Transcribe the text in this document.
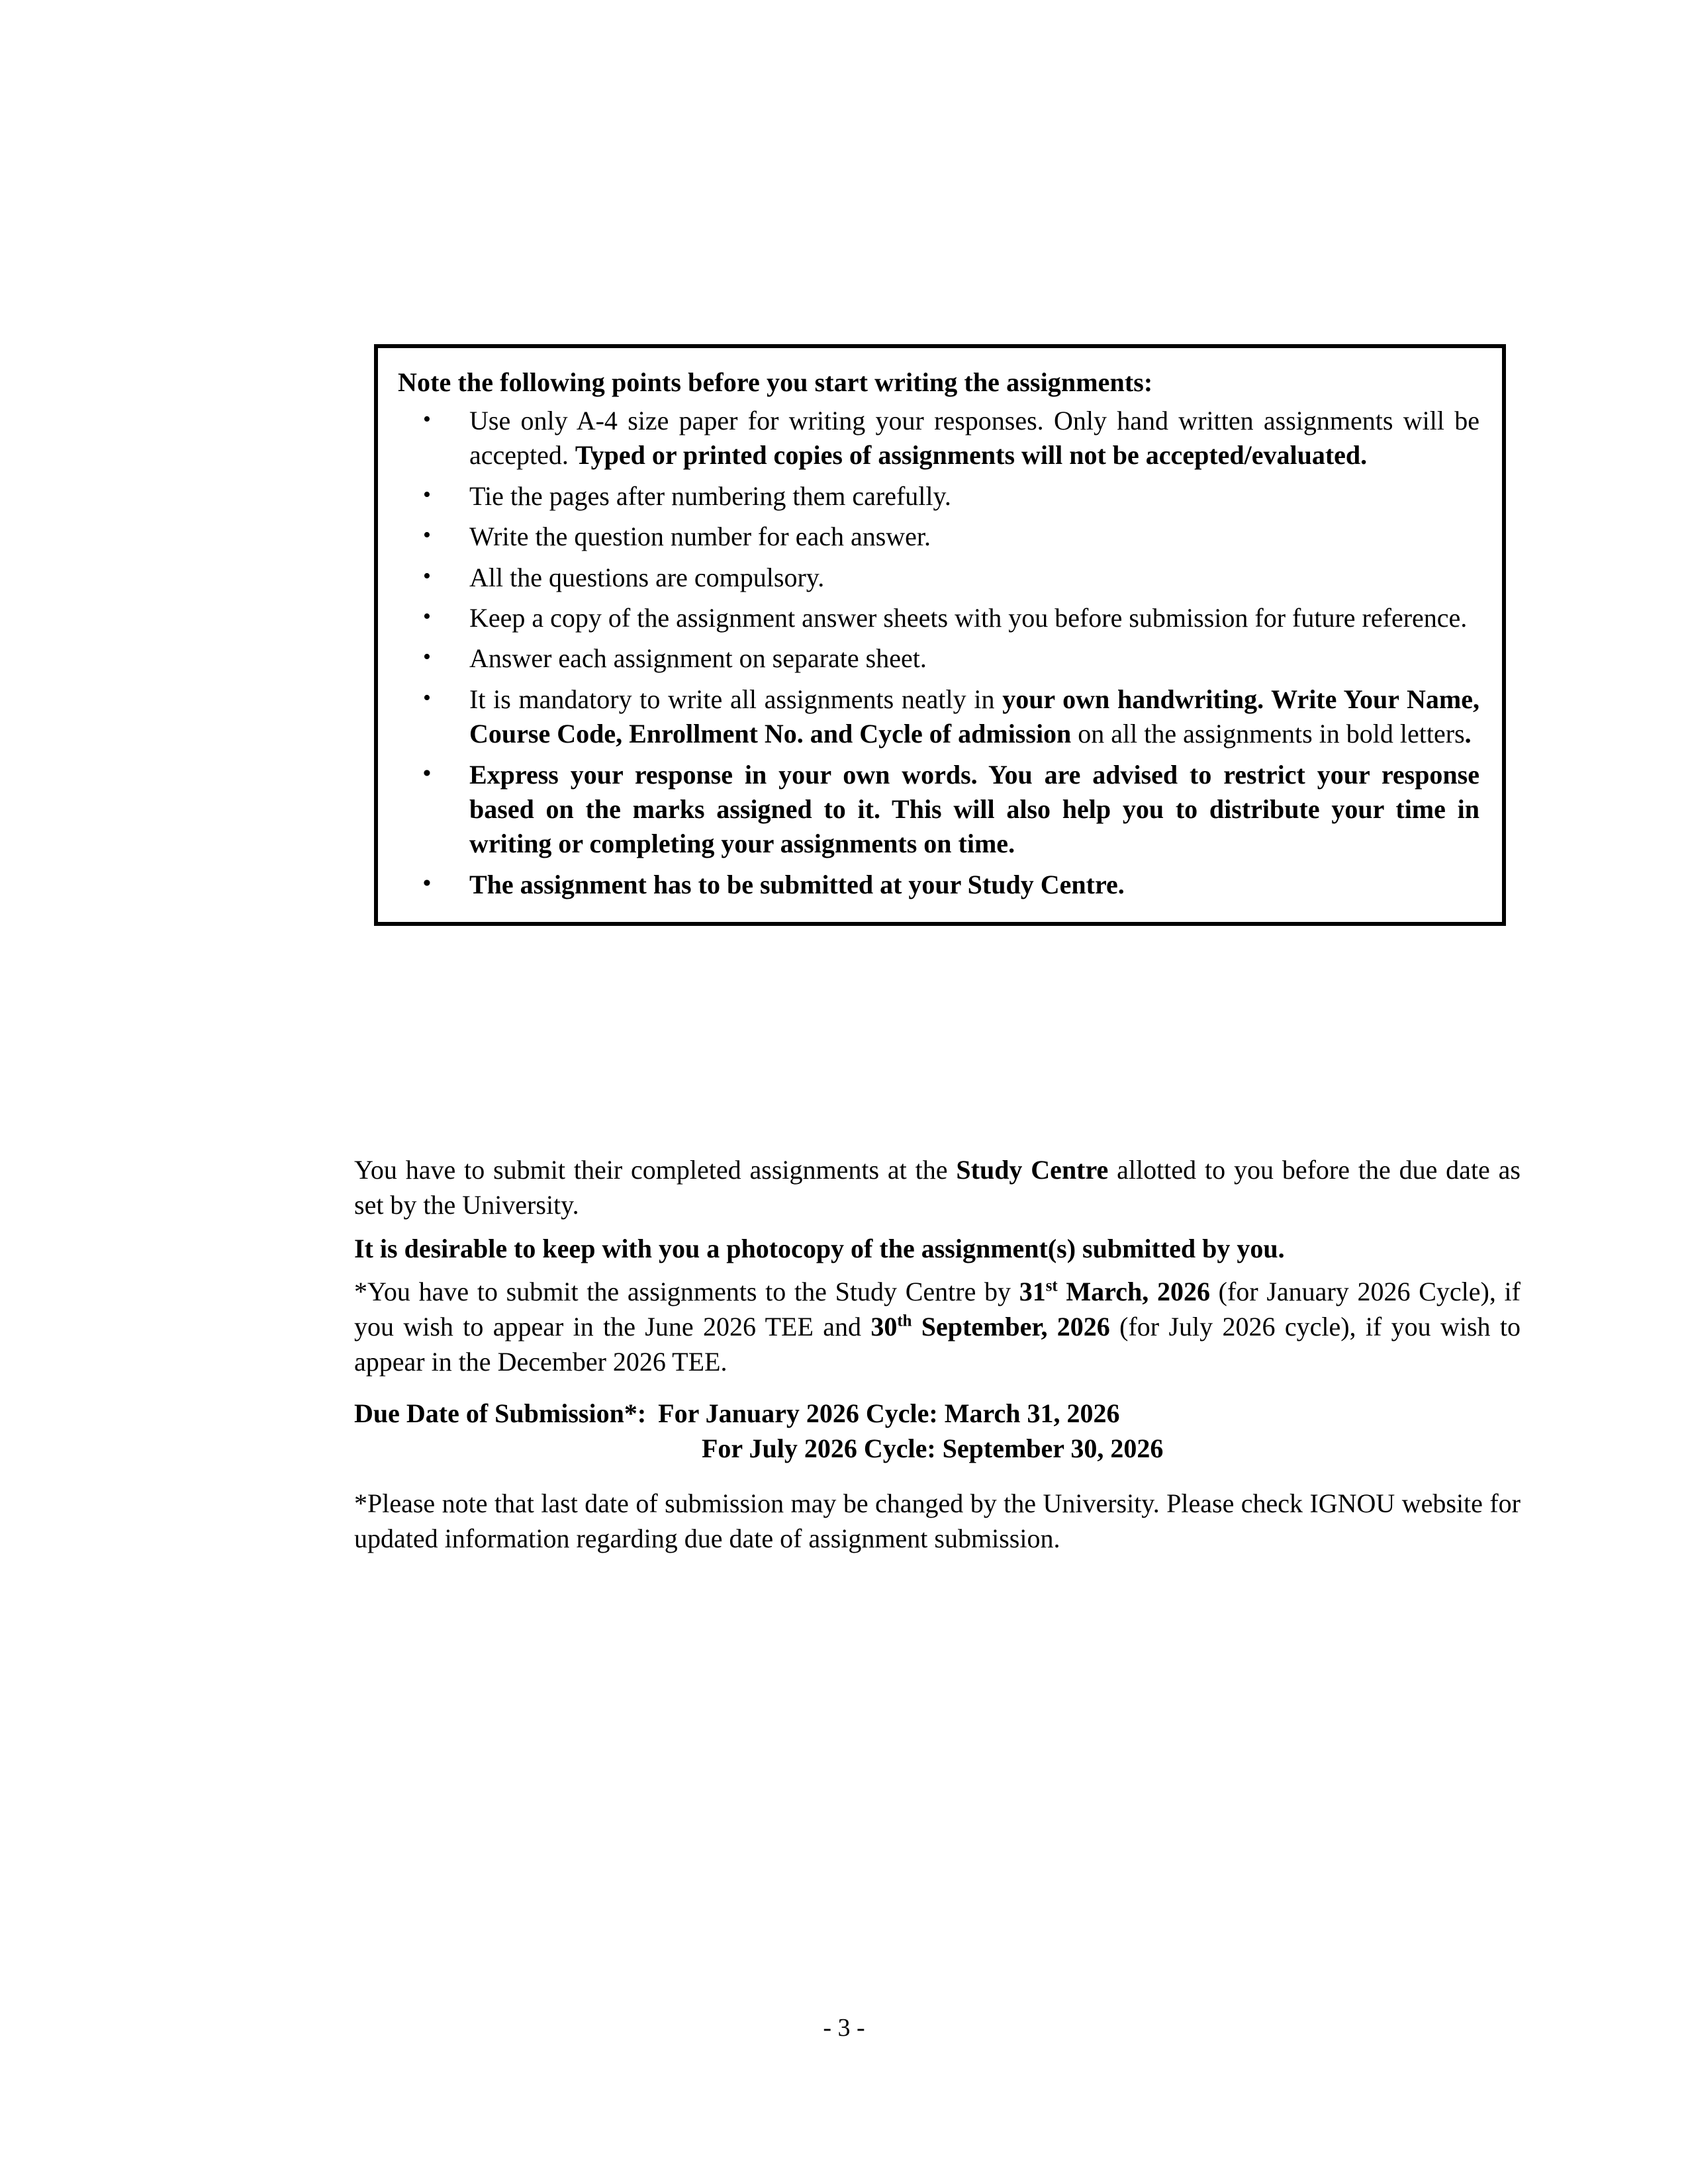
Note the following points before you start writing the assignments:

• Use only A-4 size paper for writing your responses. Only hand written assignments will be accepted. Typed or printed copies of assignments will not be accepted/evaluated.
• Tie the pages after numbering them carefully.
• Write the question number for each answer.
• All the questions are compulsory.
• Keep a copy of the assignment answer sheets with you before submission for future reference.
• Answer each assignment on separate sheet.
• It is mandatory to write all assignments neatly in your own handwriting. Write Your Name, Course Code, Enrollment No. and Cycle of admission on all the assignments in bold letters.
• Express your response in your own words. You are advised to restrict your response based on the marks assigned to it. This will also help you to distribute your time in writing or completing your assignments on time.
• The assignment has to be submitted at your Study Centre.

You have to submit their completed assignments at the Study Centre allotted to you before the due date as set by the University.

It is desirable to keep with you a photocopy of the assignment(s) submitted by you.

*You have to submit the assignments to the Study Centre by 31st March, 2026 (for January 2026 Cycle), if you wish to appear in the June 2026 TEE and 30th September, 2026 (for July 2026 cycle), if you wish to appear in the December 2026 TEE.

Due Date of Submission*: For January 2026 Cycle: March 31, 2026
For July 2026 Cycle: September 30, 2026

*Please note that last date of submission may be changed by the University. Please check IGNOU website for updated information regarding due date of assignment submission.

- 3 -
